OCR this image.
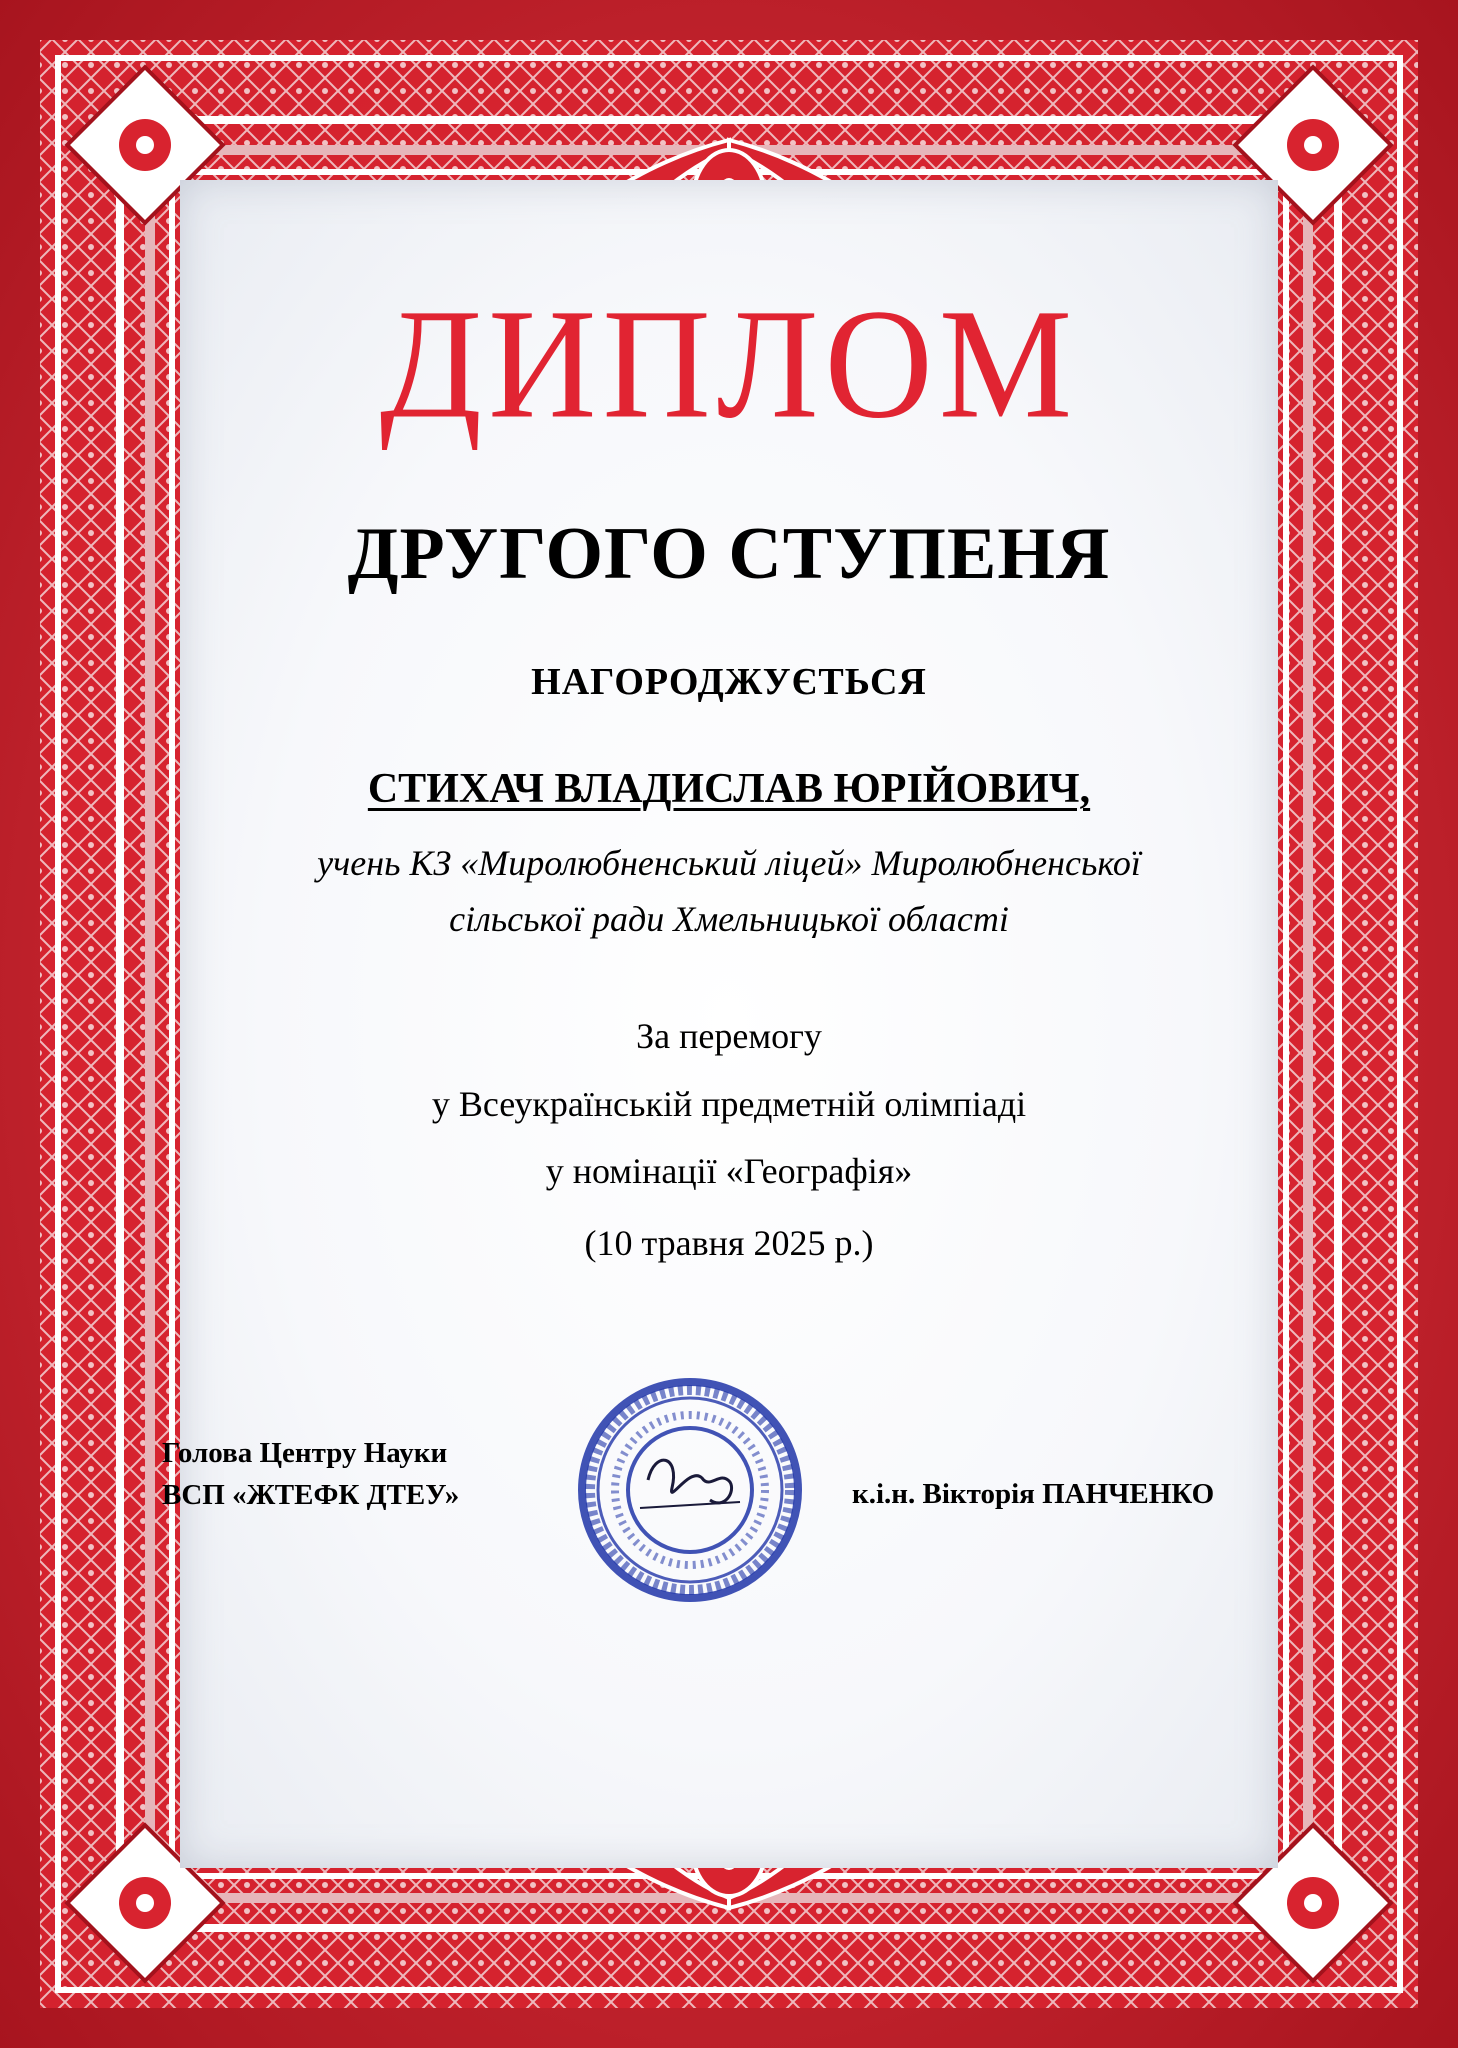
ДИПЛОМ
ДРУГОГО СТУПЕНЯ
НАГОРОДЖУЄТЬСЯ
СТИХАЧ ВЛАДИСЛАВ ЮРІЙОВИЧ,
учень КЗ «Миролюбненський ліцей» Миролюбненської
сільської ради Хмельницької області
За перемогу
у Всеукраїнській предметній олімпіаді
у номінації «Географія»
(10 травня 2025 р.)
Голова Центру Науки
ВСП «ЖТЕФК ДТЕУ»	к.і.н. Вікторія ПАНЧЕНКО
